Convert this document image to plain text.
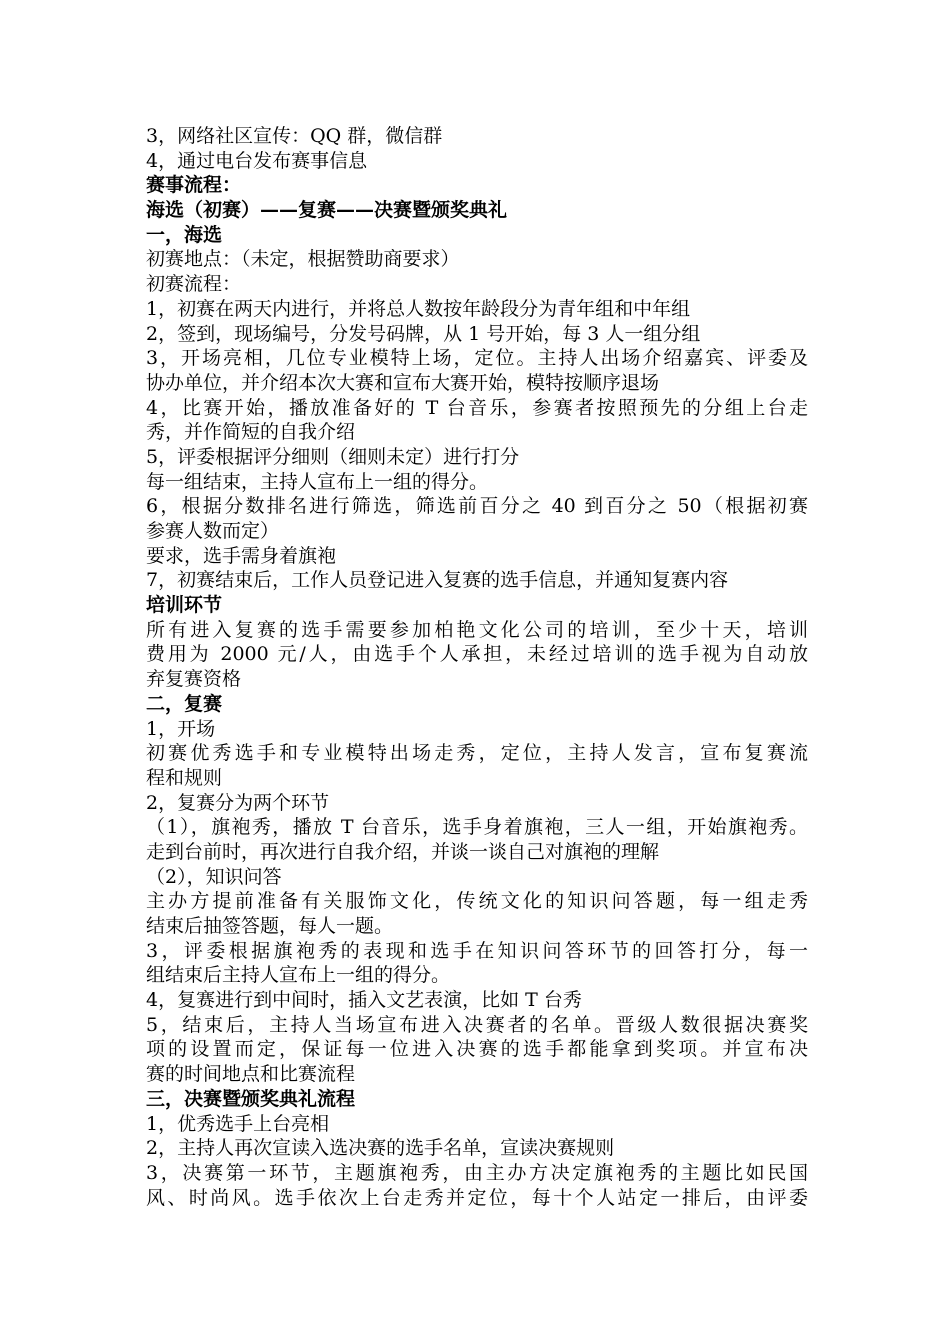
3，网络社区宣传：QQ 群，微信群
4，通过电台发布赛事信息
赛事流程：
海选（初赛）——复赛——决赛暨颁奖典礼
一，海选
初赛地点：（未定，根据赞助商要求）
初赛流程：
1，初赛在两天内进行，并将总人数按年龄段分为青年组和中年组
2，签到，现场编号，分发号码牌，从 1 号开始，每 3 人一组分组
3，开场亮相，几位专业模特上场，定位。主持人出场介绍嘉宾、评委及
协办单位，并介绍本次大赛和宣布大赛开始，模特按顺序退场
4，比赛开始，播放准备好的 T 台音乐，参赛者按照预先的分组上台走
秀，并作简短的自我介绍
5，评委根据评分细则（细则未定）进行打分
每一组结束，主持人宣布上一组的得分。
6，根据分数排名进行筛选，筛选前百分之 40 到百分之 50（根据初赛
参赛人数而定）
要求，选手需身着旗袍
7，初赛结束后，工作人员登记进入复赛的选手信息，并通知复赛内容
培训环节
所有进入复赛的选手需要参加柏艳文化公司的培训，至少十天，培训
费用为 2000 元/人，由选手个人承担，未经过培训的选手视为自动放
弃复赛资格
二，复赛
1，开场
初赛优秀选手和专业模特出场走秀，定位，主持人发言，宣布复赛流
程和规则
2，复赛分为两个环节
（1），旗袍秀，播放 T 台音乐，选手身着旗袍，三人一组，开始旗袍秀。
走到台前时，再次进行自我介绍，并谈一谈自己对旗袍的理解
（2），知识问答
主办方提前准备有关服饰文化，传统文化的知识问答题，每一组走秀
结束后抽签答题，每人一题。
3，评委根据旗袍秀的表现和选手在知识问答环节的回答打分，每一
组结束后主持人宣布上一组的得分。
4，复赛进行到中间时，插入文艺表演，比如 T 台秀
5，结束后，主持人当场宣布进入决赛者的名单。晋级人数很据决赛奖
项的设置而定，保证每一位进入决赛的选手都能拿到奖项。并宣布决
赛的时间地点和比赛流程
三，决赛暨颁奖典礼流程
1，优秀选手上台亮相
2，主持人再次宣读入选决赛的选手名单，宣读决赛规则
3，决赛第一环节，主题旗袍秀，由主办方决定旗袍秀的主题比如民国
风、时尚风。选手依次上台走秀并定位，每十个人站定一排后，由评委
